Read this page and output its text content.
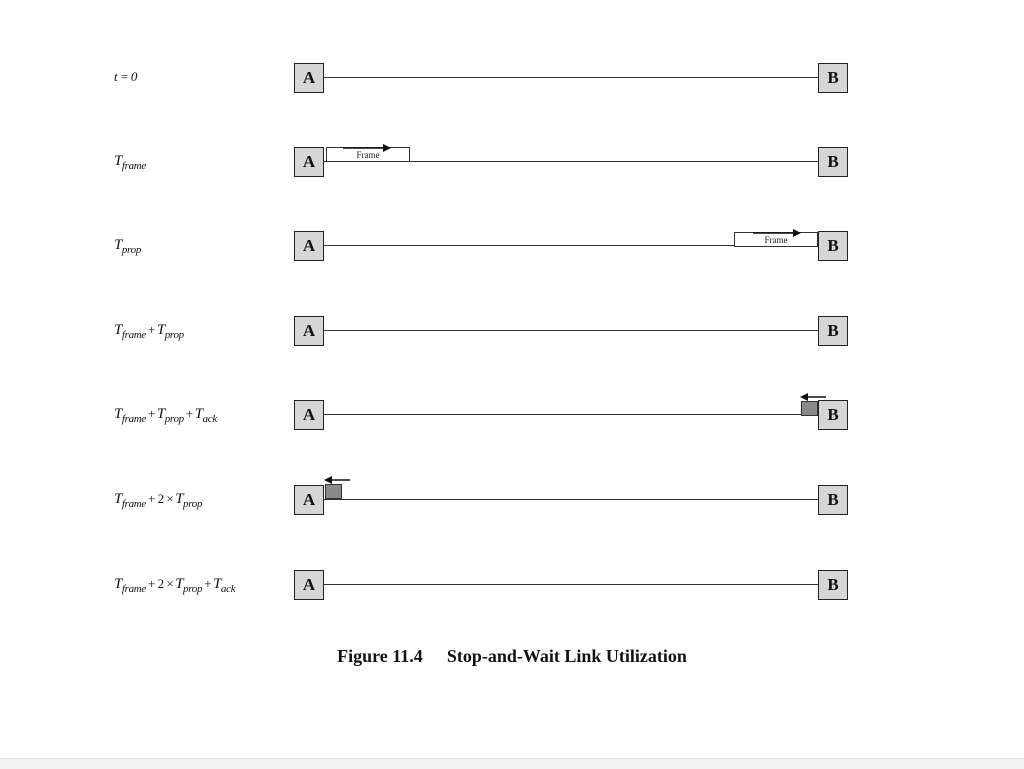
t = 0	A	B
$T_{frame}$	A	Frame	B
$T_{prop}$	A	Frame	B
$T_{frame} + T_{prop}$	A	B
$T_{frame} + T_{prop} + T_{ack}$	A	B
$T_{frame} + 2 \times T_{prop}$	A	B
$T_{frame} + 2 \times T_{prop} + T_{ack}$	A	B
Figure 11.4 Stop-and-Wait Link Utilization
